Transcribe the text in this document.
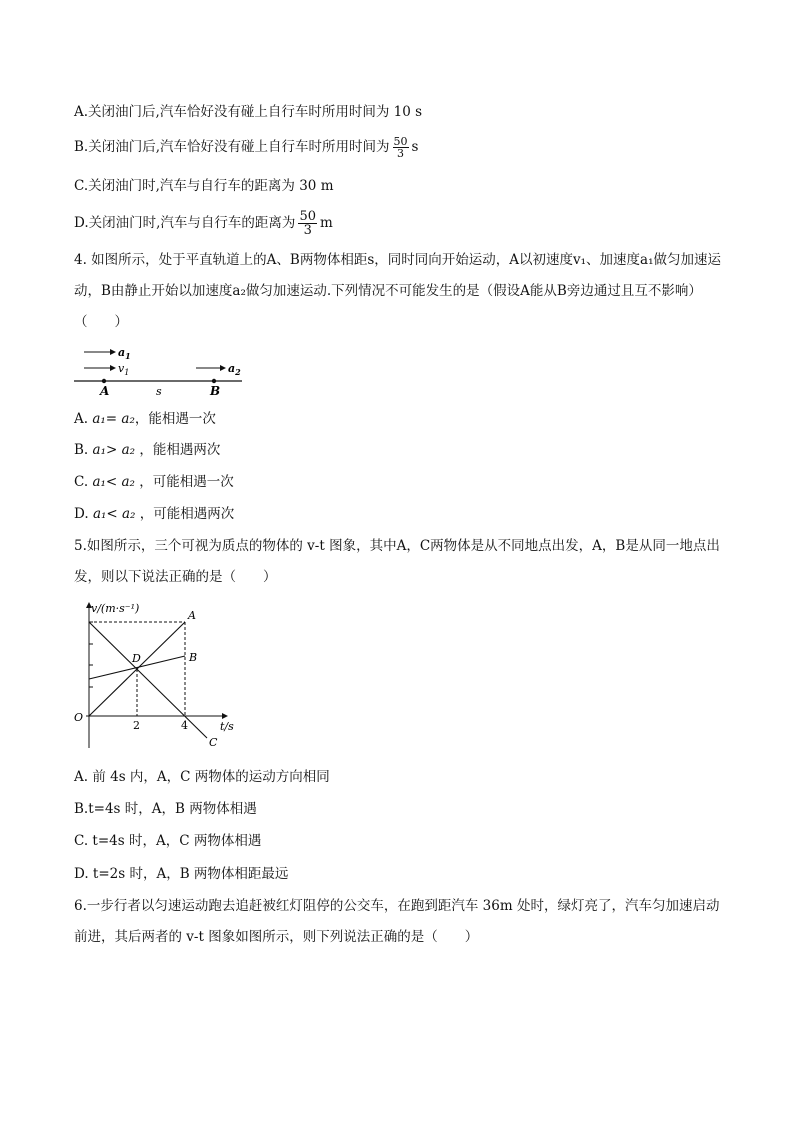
A.关闭油门后,汽车恰好没有碰上自行车时所用时间为 10 s
B.关闭油门后,汽车恰好没有碰上自行车时所用时间为 $\frac{50}{3}$ s
C.关闭油门时,汽车与自行车的距离为 30 m
D.关闭油门时,汽车与自行车的距离为 $\frac{50}{3}$ m
4. 如图所示，处于平直轨道上的A、B两物体相距s，同时同向开始运动，A以初速度v₁、加速度a₁做匀加速运动，B由静止开始以加速度a₂做匀加速运动.下列情况不可能发生的是（假设A能从B旁边通过且互不影响）（　　）
$a_1$
$v_1$	$a_2$
A	s	B
A. a₁= a₂，能相遇一次
B. a₁> a₂ ，能相遇两次
C. a₁< a₂ ，可能相遇一次
D. a₁< a₂ ，可能相遇两次
5.如图所示，三个可视为质点的物体的 v-t 图象，其中A，C两物体是从不同地点出发，A，B是从同一地点出发，则以下说法正确的是（　　）
v/(m·s⁻¹)
t/s
O
2	4
A
B
C
D
A. 前 4s 内，A，C 两物体的运动方向相同
B.t=4s 时，A，B 两物体相遇
C. t=4s 时，A，C 两物体相遇
D. t=2s 时，A，B 两物体相距最远
6.一步行者以匀速运动跑去追赶被红灯阻停的公交车，在跑到距汽车 36m 处时，绿灯亮了，汽车匀加速启动前进，其后两者的 v-t 图象如图所示，则下列说法正确的是（　　）
